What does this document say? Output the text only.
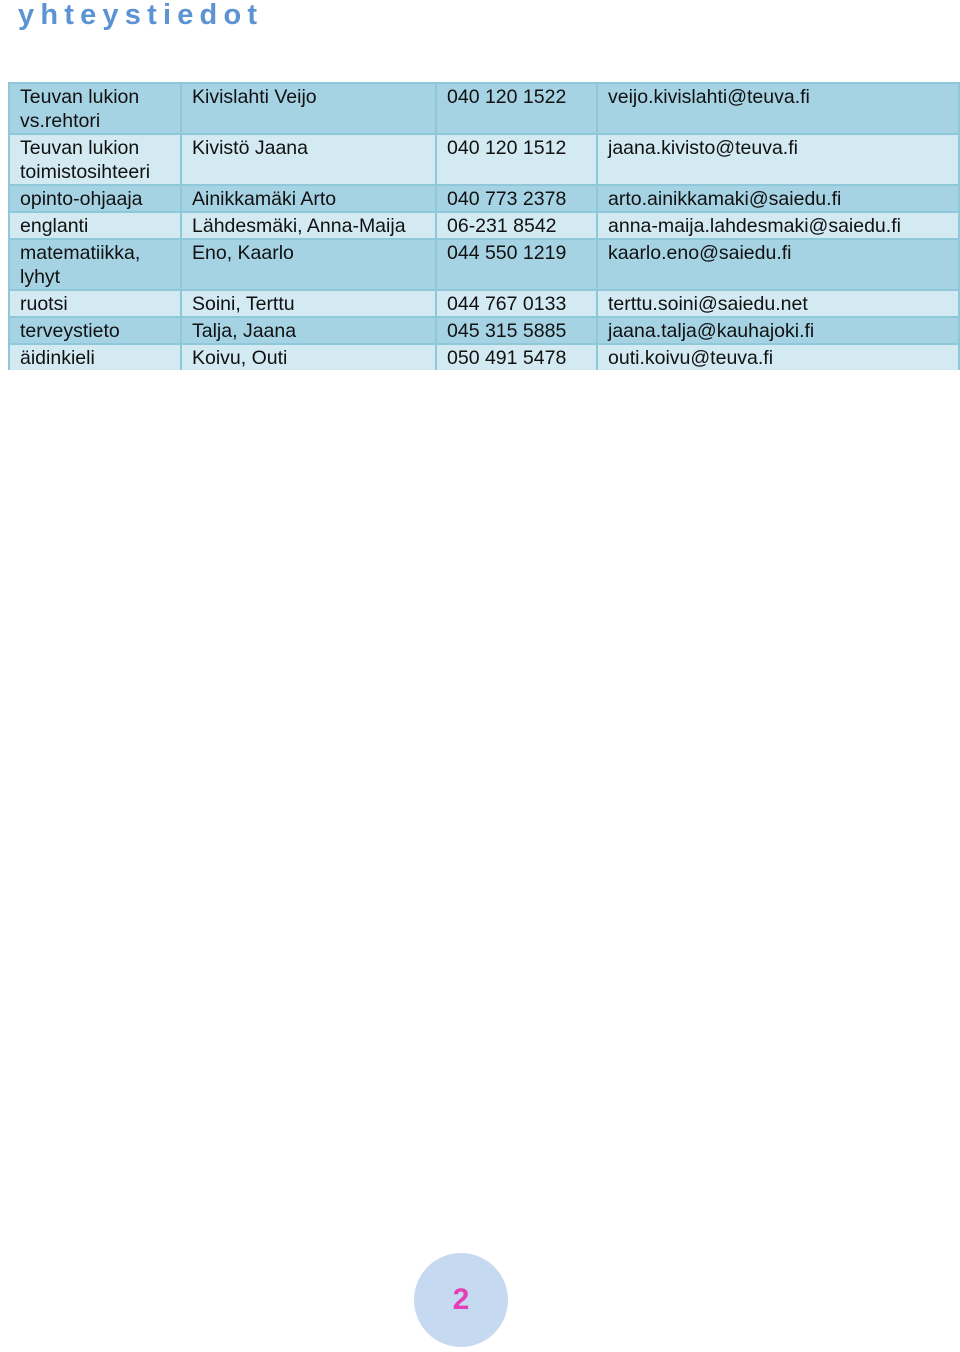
yhteystiedot
Teuvan lukion vs.rehtori	Kivislahti Veijo	040 120 1522	veijo.kivislahti@teuva.fi
Teuvan lukion toimistosihteeri	Kivistö Jaana	040 120 1512	jaana.kivisto@teuva.fi
opinto-ohjaaja	Ainikkamäki Arto	040 773 2378	arto.ainikkamaki@saiedu.fi
englanti	Lähdesmäki, Anna-Maija	06-231 8542	anna-maija.lahdesmaki@saiedu.fi
matematiikka, lyhyt	Eno, Kaarlo	044 550 1219	kaarlo.eno@saiedu.fi
ruotsi	Soini, Terttu	044 767 0133	terttu.soini@saiedu.net
terveystieto	Talja, Jaana	045 315 5885	jaana.talja@kauhajoki.fi
äidinkieli	Koivu, Outi	050 491 5478	outi.koivu@teuva.fi
2
